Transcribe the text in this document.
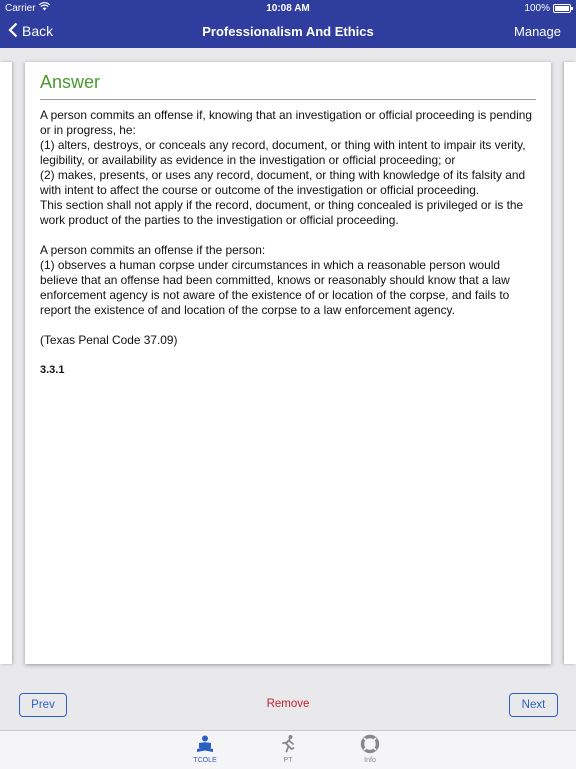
Carrier	10:08 AM	100%
Back	Professionalism And Ethics	Manage
Answer

A person commits an offense if, knowing that an investigation or official proceeding is pending or in progress, he:
(1) alters, destroys, or conceals any record, document, or thing with intent to impair its verity, legibility, or availability as evidence in the investigation or official proceeding; or
(2) makes, presents, or uses any record, document, or thing with knowledge of its falsity and with intent to affect the course or outcome of the investigation or official proceeding.
This section shall not apply if the record, document, or thing concealed is privileged or is the work product of the parties to the investigation or official proceeding.

A person commits an offense if the person:
(1) observes a human corpse under circumstances in which a reasonable person would believe that an offense had been committed, knows or reasonably should know that a law enforcement agency is not aware of the existence of or location of the corpse, and fails to report the existence of and location of the corpse to a law enforcement agency.

(Texas Penal Code 37.09)

3.3.1

Prev	Remove	Next
TCOLE	PT	Info
